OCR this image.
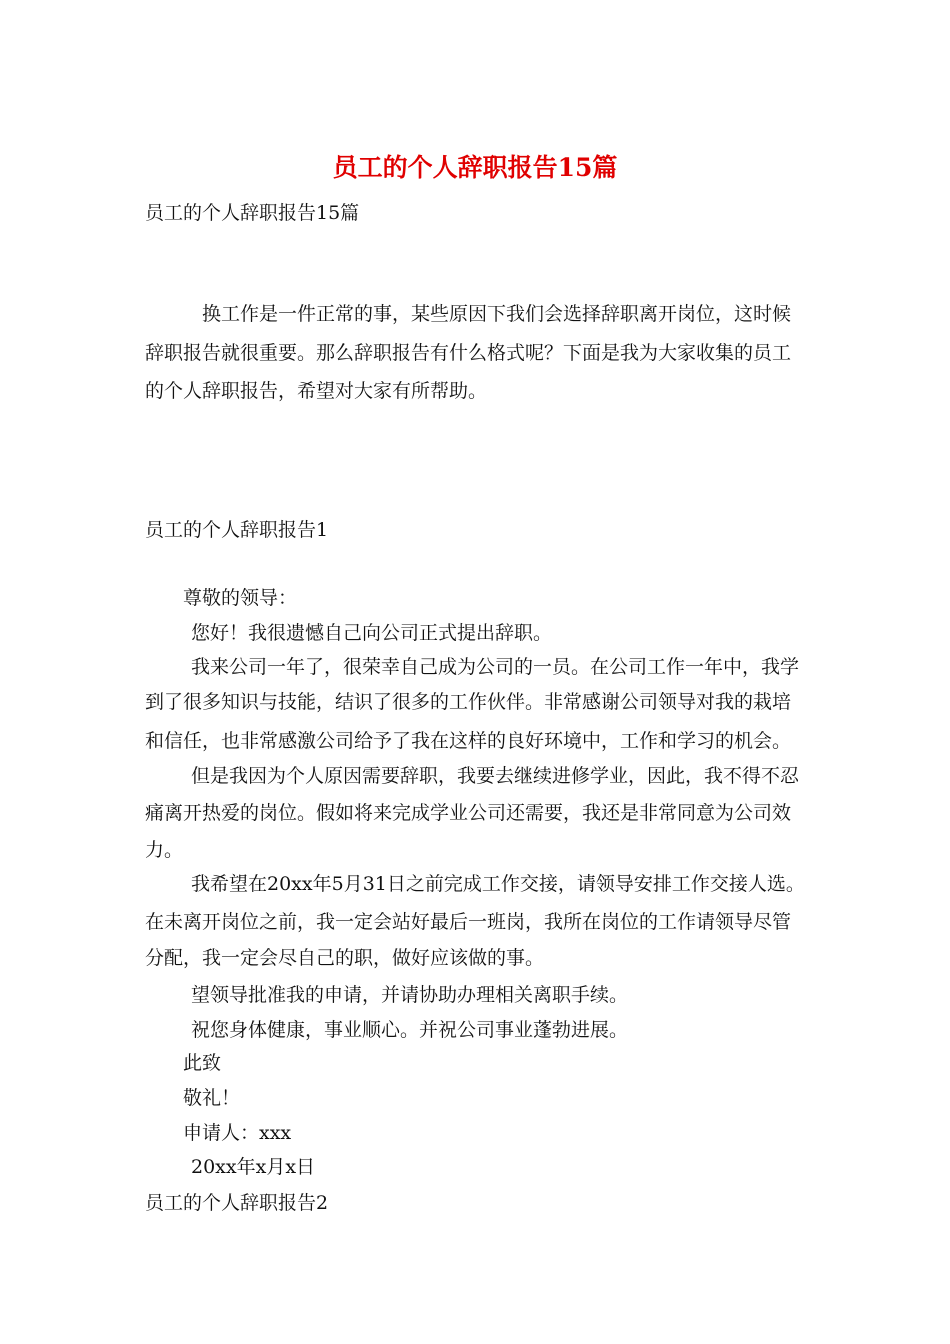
员工的个人辞职报告15篇
员工的个人辞职报告15篇
换工作是一件正常的事，某些原因下我们会选择辞职离开岗位，这时候
辞职报告就很重要。那么辞职报告有什么格式呢？下面是我为大家收集的员工
的个人辞职报告，希望对大家有所帮助。
员工的个人辞职报告1
尊敬的领导：
您好！我很遗憾自己向公司正式提出辞职。
我来公司一年了，很荣幸自己成为公司的一员。在公司工作一年中，我学
到了很多知识与技能，结识了很多的工作伙伴。非常感谢公司领导对我的栽培
和信任，也非常感激公司给予了我在这样的良好环境中，工作和学习的机会。
但是我因为个人原因需要辞职，我要去继续进修学业，因此，我不得不忍
痛离开热爱的岗位。假如将来完成学业公司还需要，我还是非常同意为公司效
力。
我希望在20xx年5月31日之前完成工作交接，请领导安排工作交接人选。
在未离开岗位之前，我一定会站好最后一班岗，我所在岗位的工作请领导尽管
分配，我一定会尽自己的职，做好应该做的事。
望领导批准我的申请，并请协助办理相关离职手续。
祝您身体健康，事业顺心。并祝公司事业蓬勃进展。
此致
敬礼！
申请人：xxx
20xx年x月x日
员工的个人辞职报告2
